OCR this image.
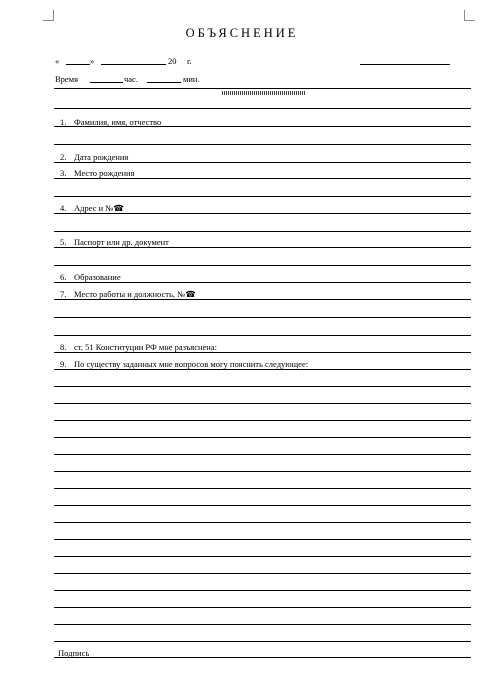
ОБЪЯСНЕНИЕ
«	»	20 г.
Время	час.	мин.
1. Фамилия, имя, отчество
2. Дата рождения
3. Место рождения
4. Адрес и №☎
5. Паспорт или др. документ
6. Образование
7. Место работы и должность, №☎
8. ст. 51 Конституции РФ мне разъяснена:
9. По существу заданных мне вопросов могу пояснить следующее:
Подпись
